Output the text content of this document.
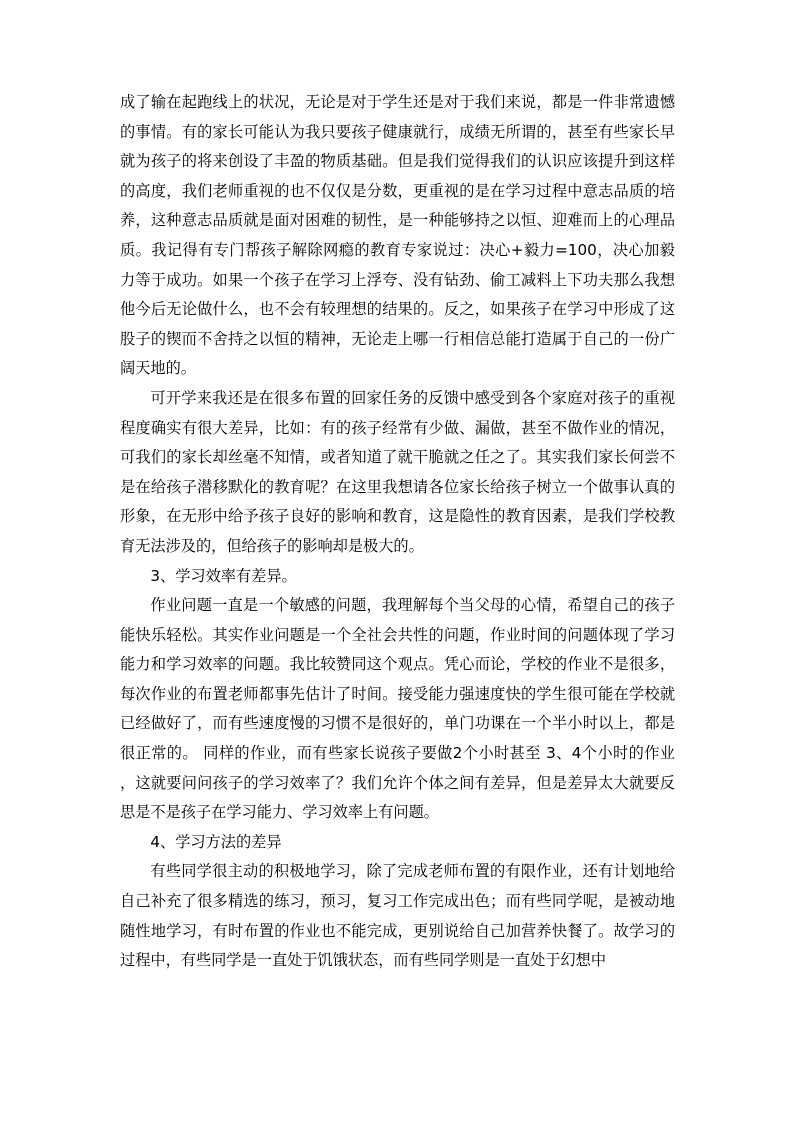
成了输在起跑线上的状况，无论是对于学生还是对于我们来说，都是一件非常遗憾的事情。有的家长可能认为我只要孩子健康就行，成绩无所谓的，甚至有些家长早就为孩子的将来创设了丰盈的物质基础。但是我们觉得我们的认识应该提升到这样的高度，我们老师重视的也不仅仅是分数，更重视的是在学习过程中意志品质的培养，这种意志品质就是面对困难的韧性，是一种能够持之以恒、迎难而上的心理品质。我记得有专门帮孩子解除网瘾的教育专家说过：决心+毅力=100，决心加毅力等于成功。如果一个孩子在学习上浮夸、没有钻劲、偷工减料上下功夫那么我想他今后无论做什么，也不会有较理想的结果的。反之，如果孩子在学习中形成了这股子的锲而不舍持之以恒的精神，无论走上哪一行相信总能打造属于自己的一份广阔天地的。

可开学来我还是在很多布置的回家任务的反馈中感受到各个家庭对孩子的重视程度确实有很大差异，比如：有的孩子经常有少做、漏做，甚至不做作业的情况，可我们的家长却丝毫不知情，或者知道了就干脆就之任之了。其实我们家长何尝不是在给孩子潜移默化的教育呢？在这里我想请各位家长给孩子树立一个做事认真的形象，在无形中给予孩子良好的影响和教育，这是隐性的教育因素，是我们学校教育无法涉及的，但给孩子的影响却是极大的。

3、学习效率有差异。

作业问题一直是一个敏感的问题，我理解每个当父母的心情，希望自己的孩子能快乐轻松。其实作业问题是一个全社会共性的问题，作业时间的问题体现了学习能力和学习效率的问题。我比较赞同这个观点。凭心而论，学校的作业不是很多，每次作业的布置老师都事先估计了时间。接受能力强速度快的学生很可能在学校就已经做好了，而有些速度慢的习惯不是很好的，单门功课在一个半小时以上，都是很正常的。 同样的作业，而有些家长说孩子要做2个小时甚至 3、4个小时的作业，这就要问问孩子的学习效率了？我们允许个体之间有差异，但是差异太大就要反思是不是孩子在学习能力、学习效率上有问题。

4、学习方法的差异

有些同学很主动的积极地学习，除了完成老师布置的有限作业，还有计划地给自己补充了很多精选的练习，预习，复习工作完成出色；而有些同学呢，是被动地随性地学习，有时布置的作业也不能完成，更别说给自己加营养快餐了。故学习的过程中，有些同学是一直处于饥饿状态，而有些同学则是一直处于幻想中
